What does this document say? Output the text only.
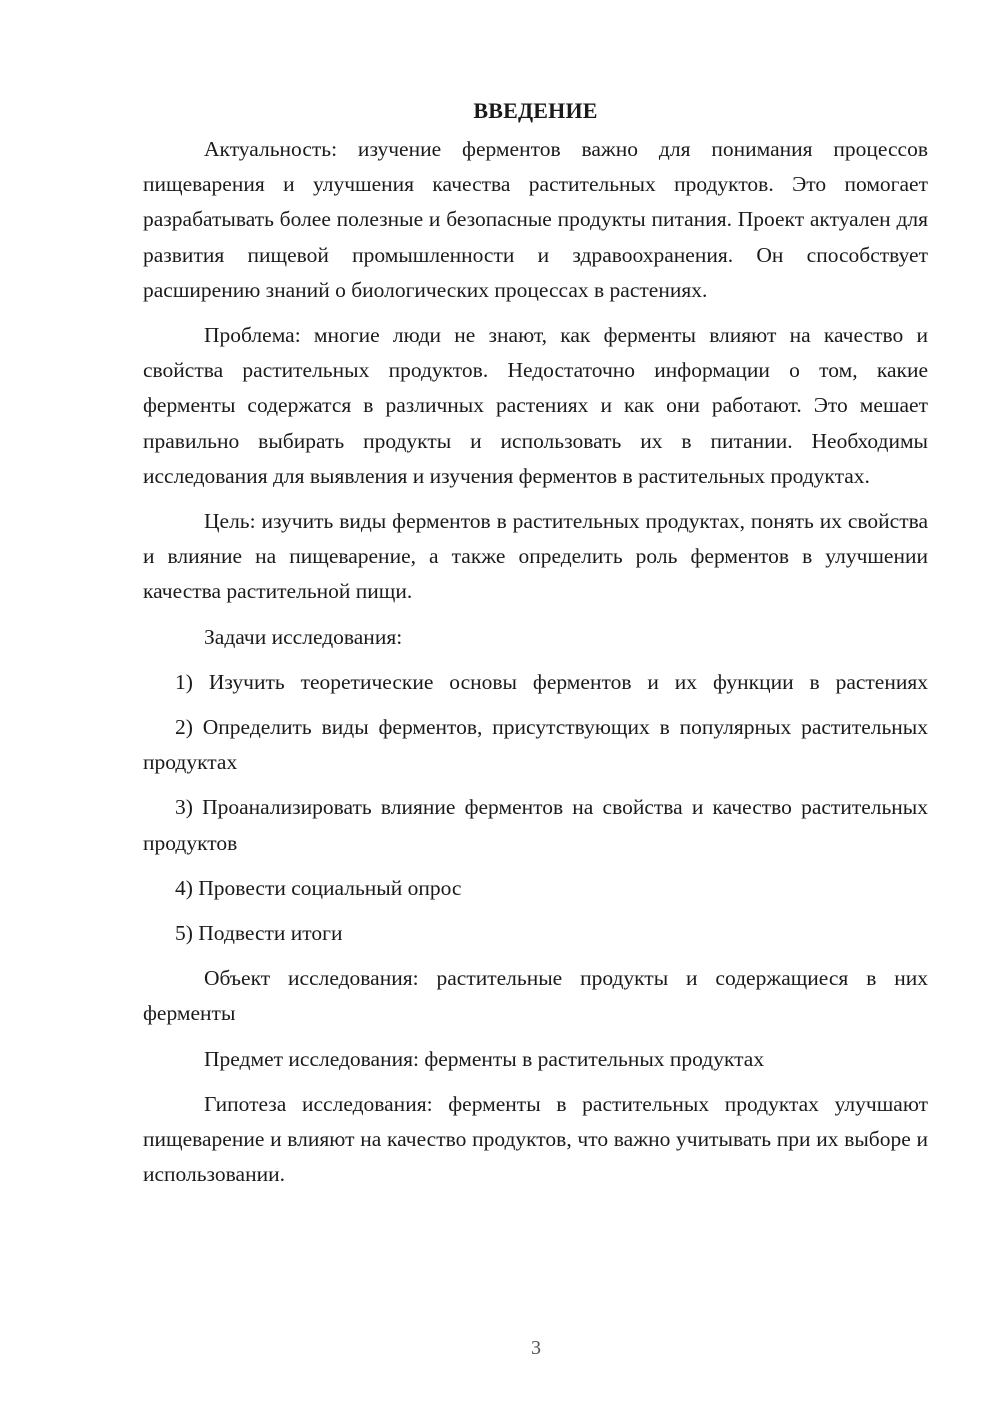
ВВЕДЕНИЕ

Актуальность: изучение ферментов важно для понимания процессов пищеварения и улучшения качества растительных продуктов. Это помогает разрабатывать более полезные и безопасные продукты питания. Проект актуален для развития пищевой промышленности и здравоохранения. Он способствует расширению знаний о биологических процессах в растениях.

Проблема: многие люди не знают, как ферменты влияют на качество и свойства растительных продуктов. Недостаточно информации о том, какие ферменты содержатся в различных растениях и как они работают. Это мешает правильно выбирать продукты и использовать их в питании. Необходимы исследования для выявления и изучения ферментов в растительных продуктах.

Цель: изучить виды ферментов в растительных продуктах, понять их свойства и влияние на пищеварение, а также определить роль ферментов в улучшении качества растительной пищи.

Задачи исследования:

1) Изучить теоретические основы ферментов и их функции в растениях

2) Определить виды ферментов, присутствующих в популярных растительных продуктах

3) Проанализировать влияние ферментов на свойства и качество растительных продуктов

4) Провести социальный опрос

5) Подвести итоги

Объект исследования: растительные продукты и содержащиеся в них ферменты

Предмет исследования: ферменты в растительных продуктах

Гипотеза исследования: ферменты в растительных продуктах улучшают пищеварение и влияют на качество продуктов, что важно учитывать при их выборе и использовании.

3
